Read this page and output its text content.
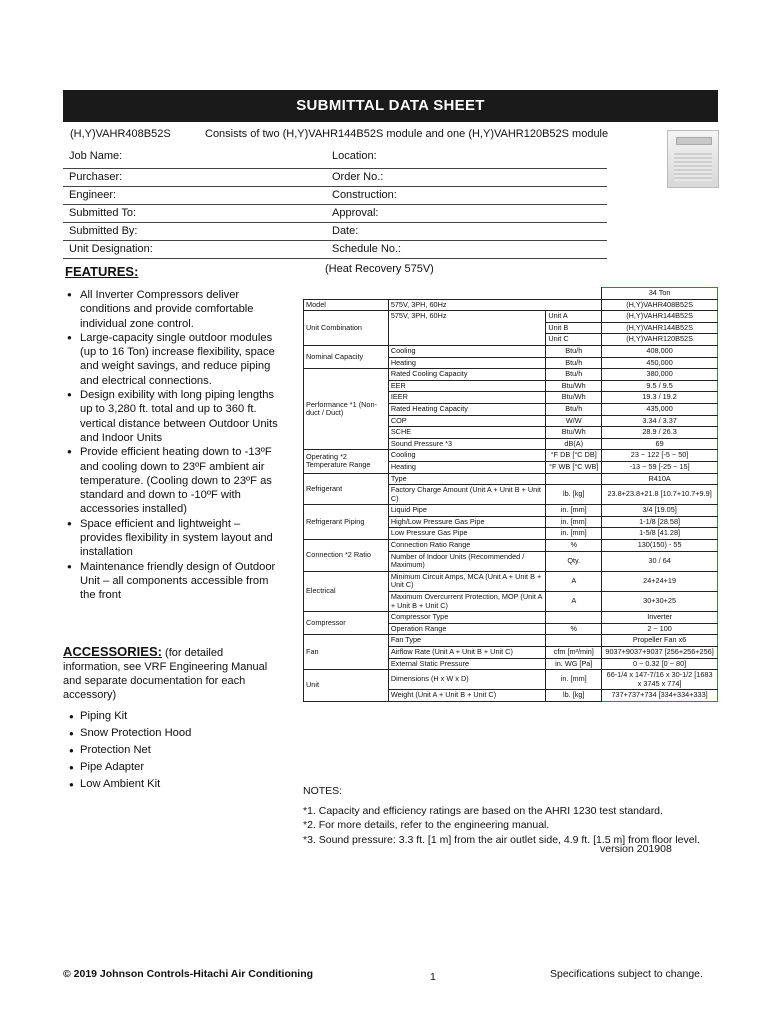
SUBMITTAL DATA SHEET
(H,Y)VAHR408B52S	Consists of two (H,Y)VAHR144B52S module and one (H,Y)VAHR120B52S module
Job Name:	Location:
Purchaser:	Order No.:
Engineer:	Construction:
Submitted To:	Approval:
Submitted By:	Date:
Unit Designation:	Schedule No.:
FEATURES:
● All Inverter Compressors deliver conditions and provide comfortable individual zone control.
● Large-capacity single outdoor modules (up to 16 Ton) increase flexibility, space and weight savings, and reduce piping and electrical connections.
● Design exibility with long piping lengths up to 3,280 ft. total and up to 360 ft. vertical distance between Outdoor Units and Indoor Units
● Provide efficient heating down to -13ºF and cooling down to 23ºF ambient air temperature. (Cooling down to 23ºF as standard and down to -10ºF with accessories installed)
● Space efficient and lightweight – provides flexibility in system layout and installation
● Maintenance friendly design of Outdoor Unit – all components accessible from the front
ACCESSORIES: (for detailed information, see VRF Engineering Manual and separate documentation for each accessory)
● Piping Kit
● Snow Protection Hood
● Protection Net
● Pipe Adapter
● Low Ambient Kit
(Heat Recovery 575V)
			34 Ton
Model	575V, 3PH, 60Hz		(H,Y)VAHR408B52S
Unit Combination	575V, 3PH, 60Hz	Unit A	(H,Y)VAHR144B52S
		Unit B	(H,Y)VAHR144B52S
		Unit C	(H,Y)VAHR120B52S
Nominal Capacity	Cooling	Btu/h	408,000
	Heating	Btu/h	450,000
Performance *1 (Non-duct / Duct)	Rated Cooling Capacity	Btu/h	380,000
	EER	Btu/Wh	9.5 / 9.5
	IEER	Btu/Wh	19.3 / 19.2
	Rated Heating Capacity	Btu/h	435,000
	COP	W/W	3.34 / 3.37
	SCHE	Btu/Wh	28.9 / 26.3
	Sound Pressure *3	dB(A)	69
Operating *2 Temperature Range	Cooling	°F DB [°C DB]	23 ~ 122 [-5 ~ 50]
	Heating	°F WB [°C WB]	-13 ~ 59 [-25 ~ 15]
Refrigerant	Type		R410A
	Factory Charge Amount (Unit A + Unit B + Unit C)	lb. [kg]	23.8+23.8+21.8 [10.7+10.7+9.9]
Refrigerant Piping	Liquid Pipe	in. [mm]	3/4 [19.05]
	High/Low Pressure Gas Pipe	in. [mm]	1-1/8 [28.58]
	Low Pressure Gas Pipe	in. [mm]	1-5/8 [41.28]
Connection *2 Ratio	Connection Ratio Range	%	130(150) - 55
	Number of Indoor Units (Recommended / Maximum)	Qty.	30 / 64
Electrical	Minimum Circuit Amps, MCA (Unit A + Unit B + Unit C)	A	24+24+19
	Maximum Overcurrent Protection, MOP (Unit A + Unit B + Unit C)	A	30+30+25
Compressor	Compressor Type		Inverter
	Operation Range	%	2 ~ 100
Fan	Fan Type		Propeller Fan x6
	Airflow Rate (Unit A + Unit B + Unit C)	cfm [m³/min]	9037+9037+9037 [256+256+256]
	External Static Pressure	in. WG [Pa]	0 ~ 0.32 [0 ~ 80]
Unit	Dimensions (H x W x D)	in. [mm]	66-1/4 x 147-7/16 x 30-1/2 [1683 x 3745 x 774]
	Weight (Unit A + Unit B + Unit C)	lb. [kg]	737+737+734 [334+334+333]
NOTES:
*1. Capacity and efficiency ratings are based on the AHRI 1230 test standard.
*2. For more details, refer to the engineering manual.
*3. Sound pressure: 3.3 ft. [1 m] from the air outlet side, 4.9 ft. [1.5 m] from floor level.
version 201908
© 2019 Johnson Controls-Hitachi Air Conditioning	1	Specifications subject to change.
